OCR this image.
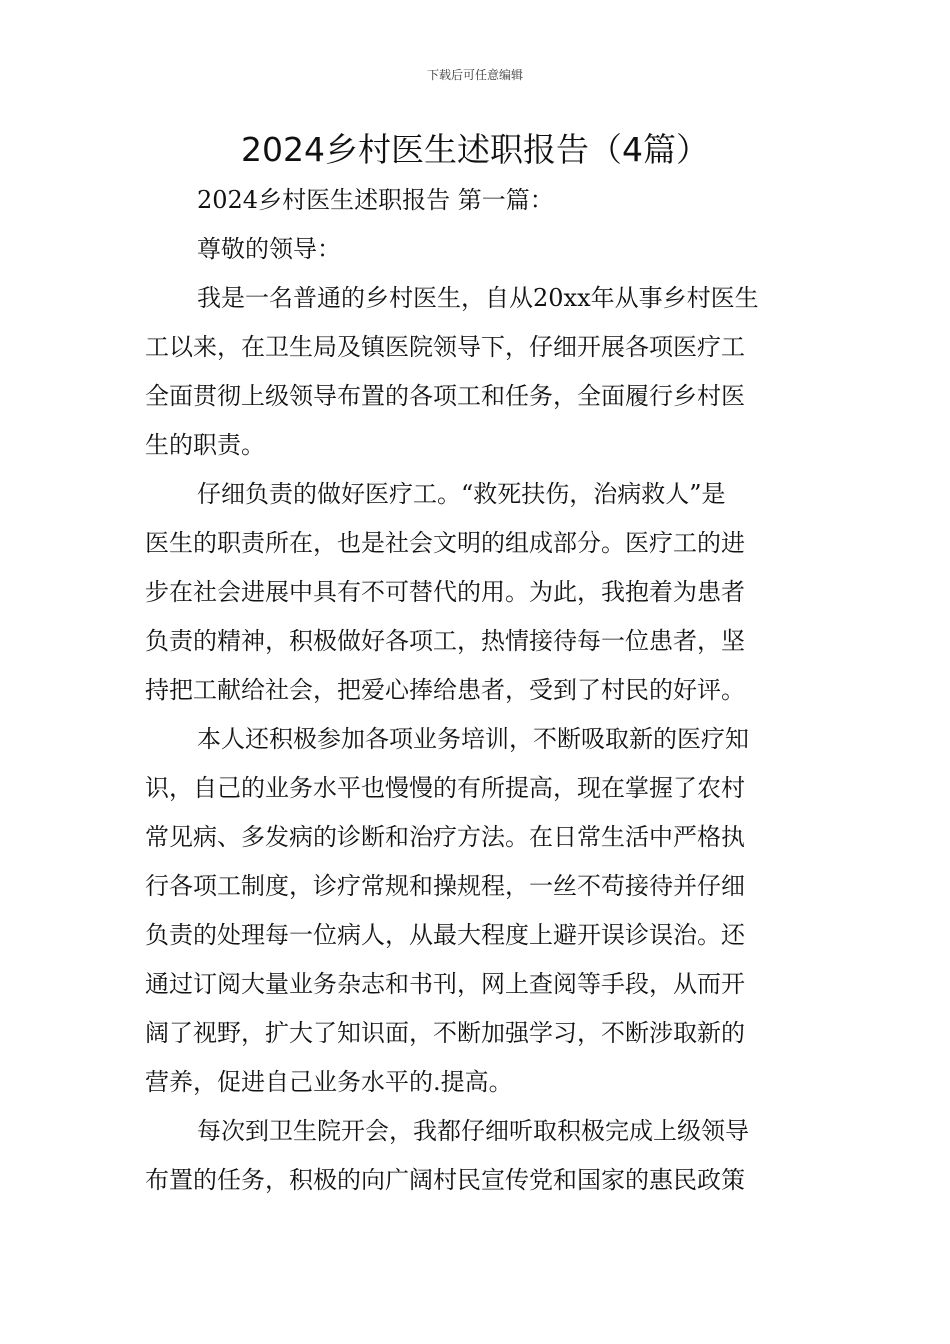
下载后可任意编辑
2024乡村医生述职报告（4篇）
2024乡村医生述职报告 第一篇：
尊敬的领导：
我是一名普通的乡村医生，自从20xx年从事乡村医生
工以来，在卫生局及镇医院领导下，仔细开展各项医疗工
全面贯彻上级领导布置的各项工和任务，全面履行乡村医
生的职责。
仔细负责的做好医疗工。“救死扶伤，治病救人”是
医生的职责所在，也是社会文明的组成部分。医疗工的进
步在社会进展中具有不可替代的用。为此，我抱着为患者
负责的精神，积极做好各项工，热情接待每一位患者，坚
持把工献给社会，把爱心捧给患者，受到了村民的好评。
本人还积极参加各项业务培训，不断吸取新的医疗知
识，自己的业务水平也慢慢的有所提高，现在掌握了农村
常见病、多发病的诊断和治疗方法。在日常生活中严格执
行各项工制度，诊疗常规和操规程，一丝不苟接待并仔细
负责的处理每一位病人，从最大程度上避开误诊误治。还
通过订阅大量业务杂志和书刊，网上查阅等手段，从而开
阔了视野，扩大了知识面，不断加强学习，不断涉取新的
营养，促进自己业务水平的.提高。
每次到卫生院开会，我都仔细听取积极完成上级领导
布置的任务，积极的向广阔村民宣传党和国家的惠民政策
